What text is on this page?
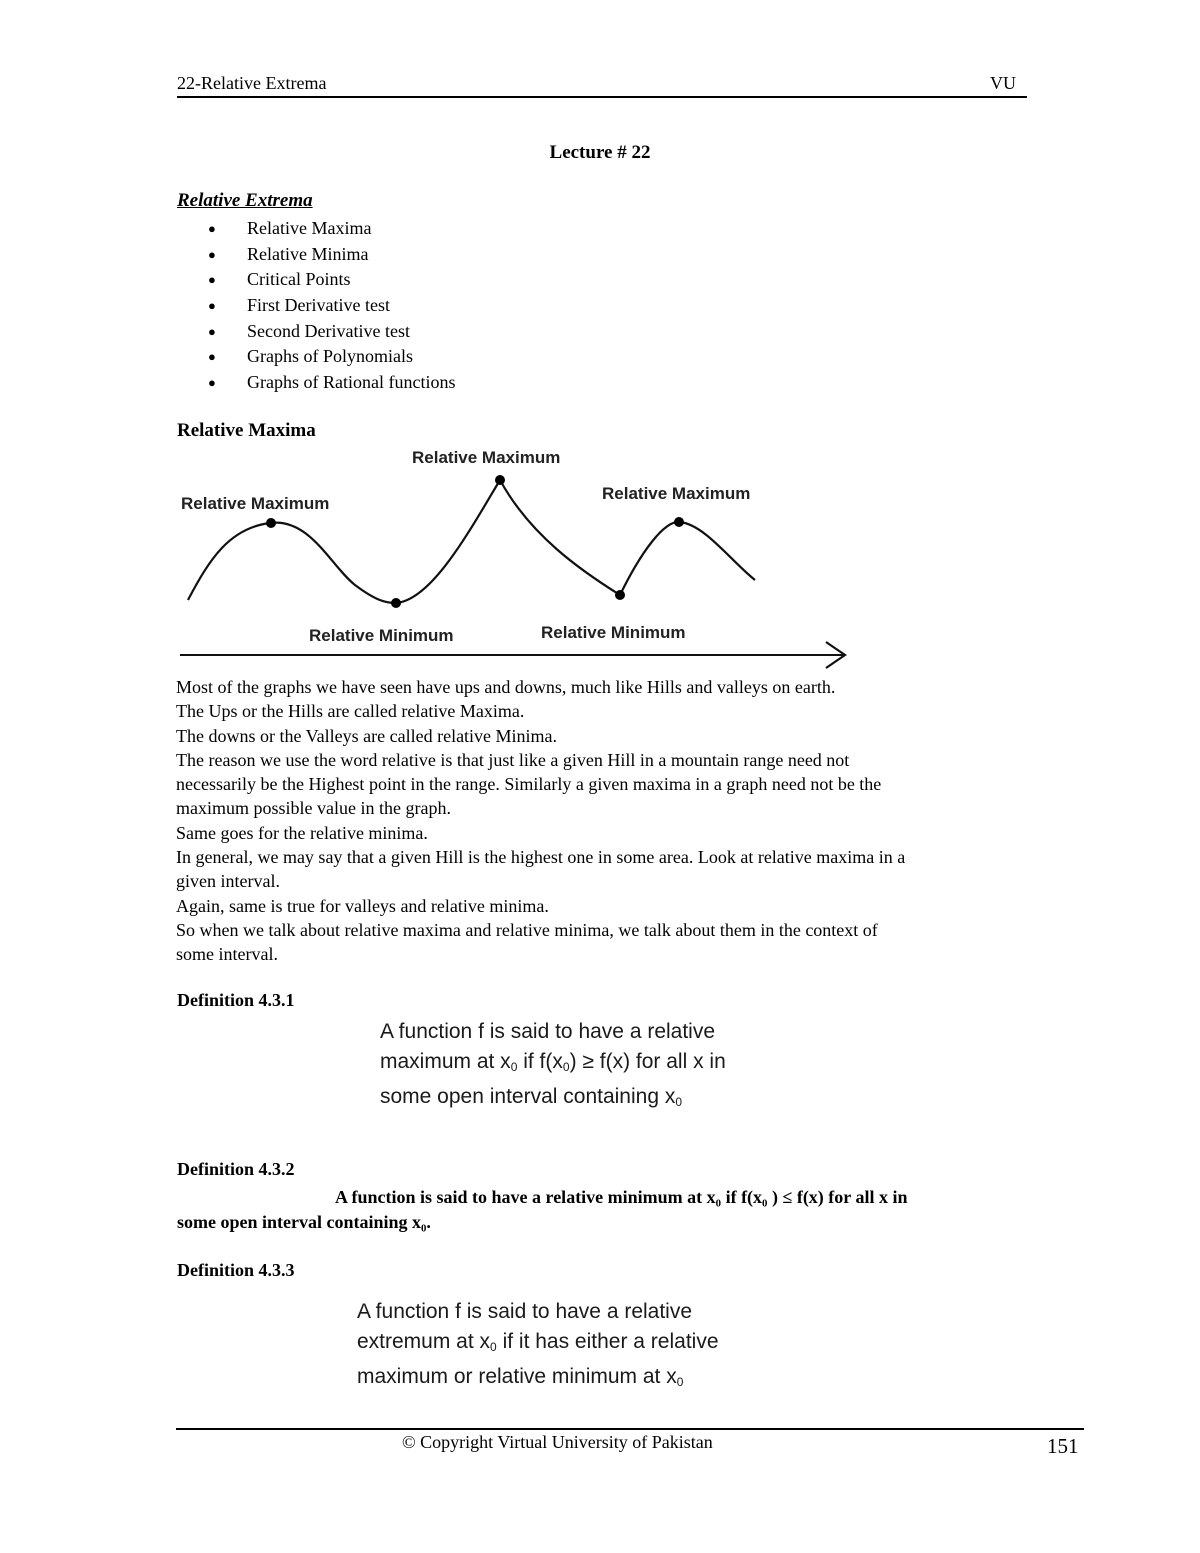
22-Relative Extrema	VU
Lecture # 22
Relative Extrema
● Relative Maxima
● Relative Minima
● Critical Points
● First Derivative test
● Second Derivative test
● Graphs of Polynomials
● Graphs of Rational functions
Relative Maxima
Relative Maximum
Relative Maximum
Relative Maximum
Relative Minimum	Relative Minimum
Most of the graphs we have seen have ups and downs, much like Hills and valleys on earth.
The Ups or the Hills are called relative Maxima.
The downs or the Valleys are called relative Minima.
The reason we use the word relative is that just like a given Hill in a mountain range need not
necessarily be the Highest point in the range. Similarly a given maxima in a graph need not be the
maximum possible value in the graph.
Same goes for the relative minima.
In general, we may say that a given Hill is the highest one in some area. Look at relative maxima in a
given interval.
Again, same is true for valleys and relative minima.
So when we talk about relative maxima and relative minima, we talk about them in the context of
some interval.
Definition 4.3.1
A function f is said to have a relative
maximum at $x_0$ if $f(x_0) \ge f(x)$ for all x in
some open interval containing $x_0$
Definition 4.3.2
A function is said to have a relative minimum at x₀ if f(x₀ ) ≤ f(x) for all x in
some open interval containing x₀.
Definition 4.3.3
A function f is said to have a relative
extremum at $x_0$ if it has either a relative
maximum or relative minimum at $x_0$
© Copyright Virtual University of Pakistan	151
